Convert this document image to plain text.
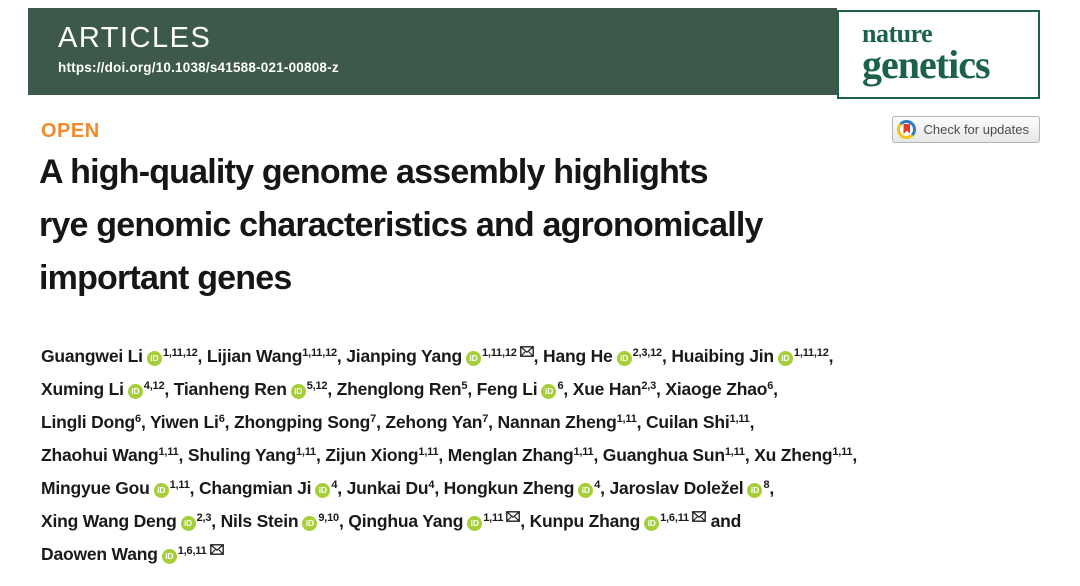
ARTICLES
https://doi.org/10.1038/s41588-021-00808-z
nature
genetics
Check for updates
OPEN
A high-quality genome assembly highlights
rye genomic characteristics and agronomically
important genes
Guangwei Li iD $^{1,11,12}$, Lijian Wang$^{1,11,12}$, Jianping Yang iD $^{1,11,12}$ , Hang He iD $^{2,3,12}$, Huaibing Jin iD $^{1,11,12}$,
Xuming Li iD $^{4,12}$, Tianheng Ren iD $^{5,12}$, Zhenglong Ren$^5$, Feng Li iD $^6$, Xue Han$^{2,3}$, Xiaoge Zhao$^6$,
Lingli Dong$^6$, Yiwen Li$^6$, Zhongping Song$^7$, Zehong Yan$^7$, Nannan Zheng$^{1,11}$, Cuilan Shi$^{1,11}$,
Zhaohui Wang$^{1,11}$, Shuling Yang$^{1,11}$, Zijun Xiong$^{1,11}$, Menglan Zhang$^{1,11}$, Guanghua Sun$^{1,11}$, Xu Zheng$^{1,11}$,
Mingyue Gou iD $^{1,11}$, Changmian Ji iD $^4$, Junkai Du$^4$, Hongkun Zheng iD $^4$, Jaroslav Doležel iD $^8$,
Xing Wang Deng iD $^{2,3}$, Nils Stein iD $^{9,10}$, Qinghua Yang iD $^{1,11}$ , Kunpu Zhang iD $^{1,6,11}$ and
Daowen Wang iD $^{1,6,11}$
